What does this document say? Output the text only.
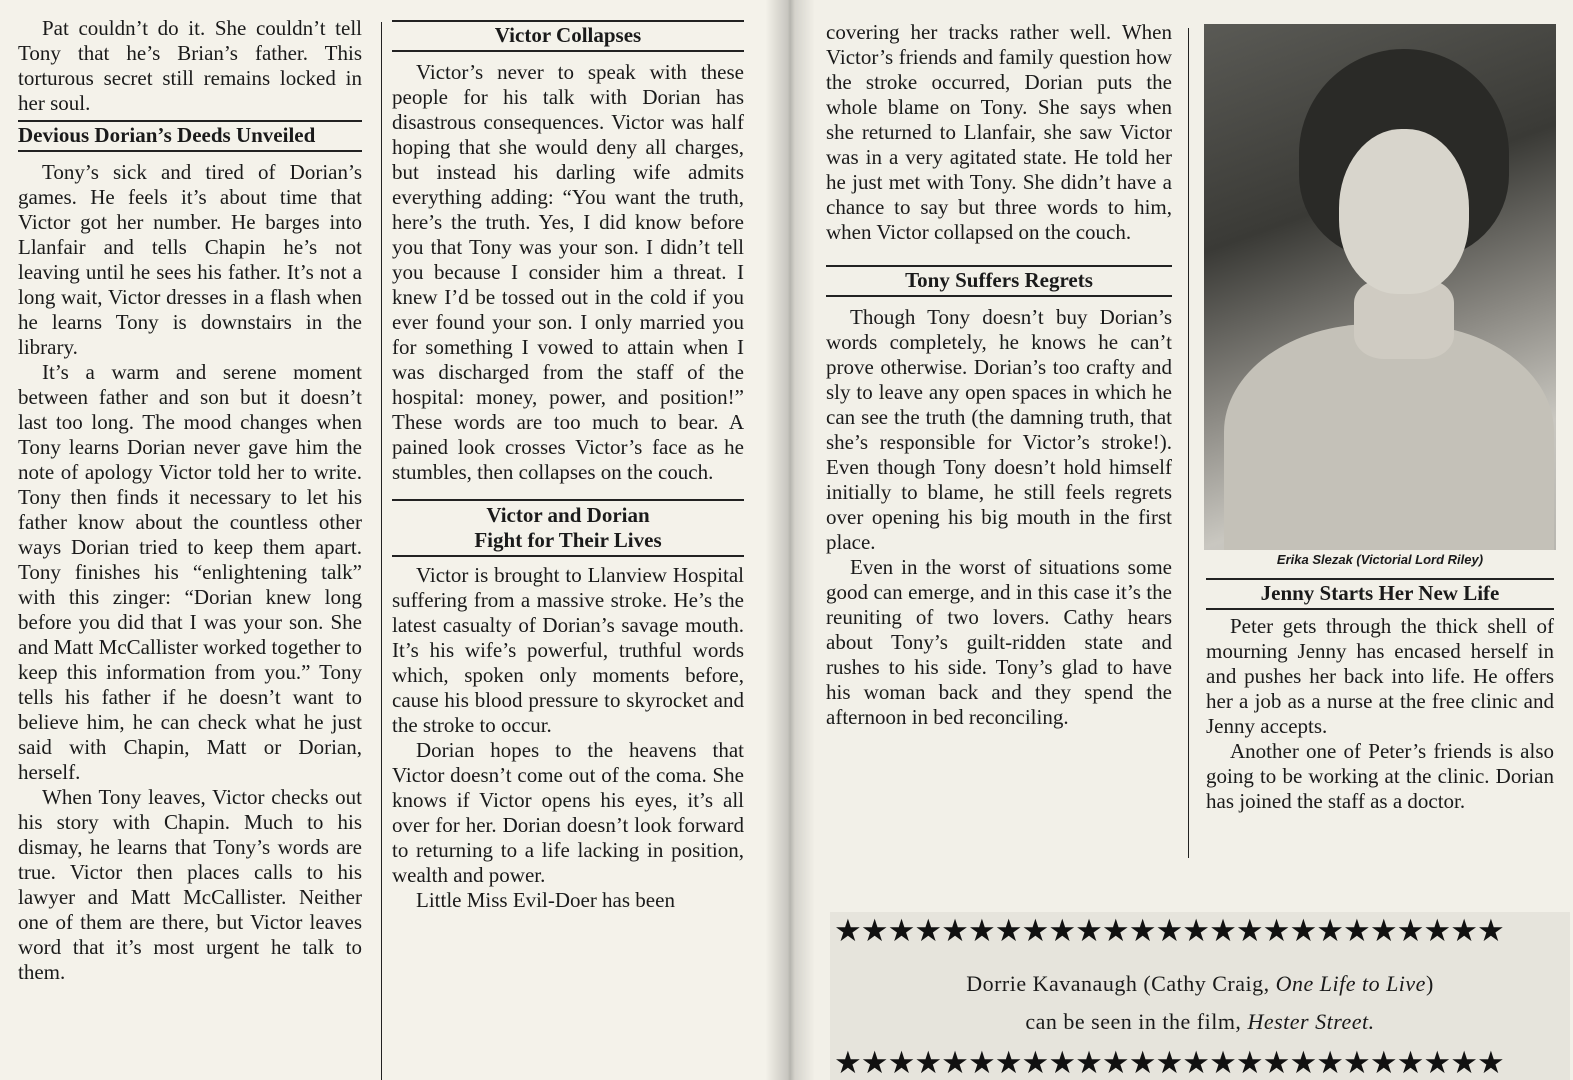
Pat couldn’t do it. She couldn’t tell Tony that he’s Brian’s father. This torturous secret still remains locked in her soul.

Devious Dorian’s Deeds Unveiled

Tony’s sick and tired of Dorian’s games. He feels it’s about time that Victor got her number. He barges into Llanfair and tells Chapin he’s not leaving until he sees his father. It’s not a long wait, Victor dresses in a flash when he learns Tony is downstairs in the library.

It’s a warm and serene moment between father and son but it doesn’t last too long. The mood changes when Tony learns Dorian never gave him the note of apology Victor told her to write. Tony then finds it necessary to let his father know about the countless other ways Dorian tried to keep them apart. Tony finishes his “enlightening talk” with this zinger: “Dorian knew long before you did that I was your son. She and Matt McCallister worked together to keep this information from you.” Tony tells his father if he doesn’t want to believe him, he can check what he just said with Chapin, Matt or Dorian, herself.

When Tony leaves, Victor checks out his story with Chapin. Much to his dismay, he learns that Tony’s words are true. Victor then places calls to his lawyer and Matt McCallister. Neither one of them are there, but Victor leaves word that it’s most urgent he talk to them.

Victor Collapses

Victor’s never to speak with these people for his talk with Dorian has disastrous consequences. Victor was half hoping that she would deny all charges, but instead his darling wife admits everything adding: “You want the truth, here’s the truth. Yes, I did know before you that Tony was your son. I didn’t tell you because I consider him a threat. I knew I’d be tossed out in the cold if you ever found your son. I only married you for something I vowed to attain when I was discharged from the staff of the hospital: money, power, and position!” These words are too much to bear. A pained look crosses Victor’s face as he stumbles, then collapses on the couch.

Victor and Dorian
Fight for Their Lives

Victor is brought to Llanview Hospital suffering from a massive stroke. He’s the latest casualty of Dorian’s savage mouth. It’s his wife’s powerful, truthful words which, spoken only moments before, cause his blood pressure to skyrocket and the stroke to occur.

Dorian hopes to the heavens that Victor doesn’t come out of the coma. She knows if Victor opens his eyes, it’s all over for her. Dorian doesn’t look forward to returning to a life lacking in position, wealth and power.

Little Miss Evil-Doer has been

covering her tracks rather well. When Victor’s friends and family question how the stroke occurred, Dorian puts the whole blame on Tony. She says when she returned to Llanfair, she saw Victor was in a very agitated state. He told her he just met with Tony. She didn’t have a chance to say but three words to him, when Victor collapsed on the couch.

Tony Suffers Regrets

Though Tony doesn’t buy Dorian’s words completely, he knows he can’t prove otherwise. Dorian’s too crafty and sly to leave any open spaces in which he can see the truth (the damning truth, that she’s responsible for Victor’s stroke!). Even though Tony doesn’t hold himself initially to blame, he still feels regrets over opening his big mouth in the first place.

Even in the worst of situations some good can emerge, and in this case it’s the reuniting of two lovers. Cathy hears about Tony’s guilt-ridden state and rushes to his side. Tony’s glad to have his woman back and they spend the afternoon in bed reconciling.

Erika Slezak (Victorial Lord Riley)
Jenny Starts Her New Life

Peter gets through the thick shell of mourning Jenny has encased herself in and pushes her back into life. He offers her a job as a nurse at the free clinic and Jenny accepts.

Another one of Peter’s friends is also going to be working at the clinic. Dorian has joined the staff as a doctor.

★★★★★★★★★★★★★★★★★★★★★★★★★
Dorrie Kavanaugh (Cathy Craig, One Life to Live)
can be seen in the film, Hester Street.
★★★★★★★★★★★★★★★★★★★★★★★★★
